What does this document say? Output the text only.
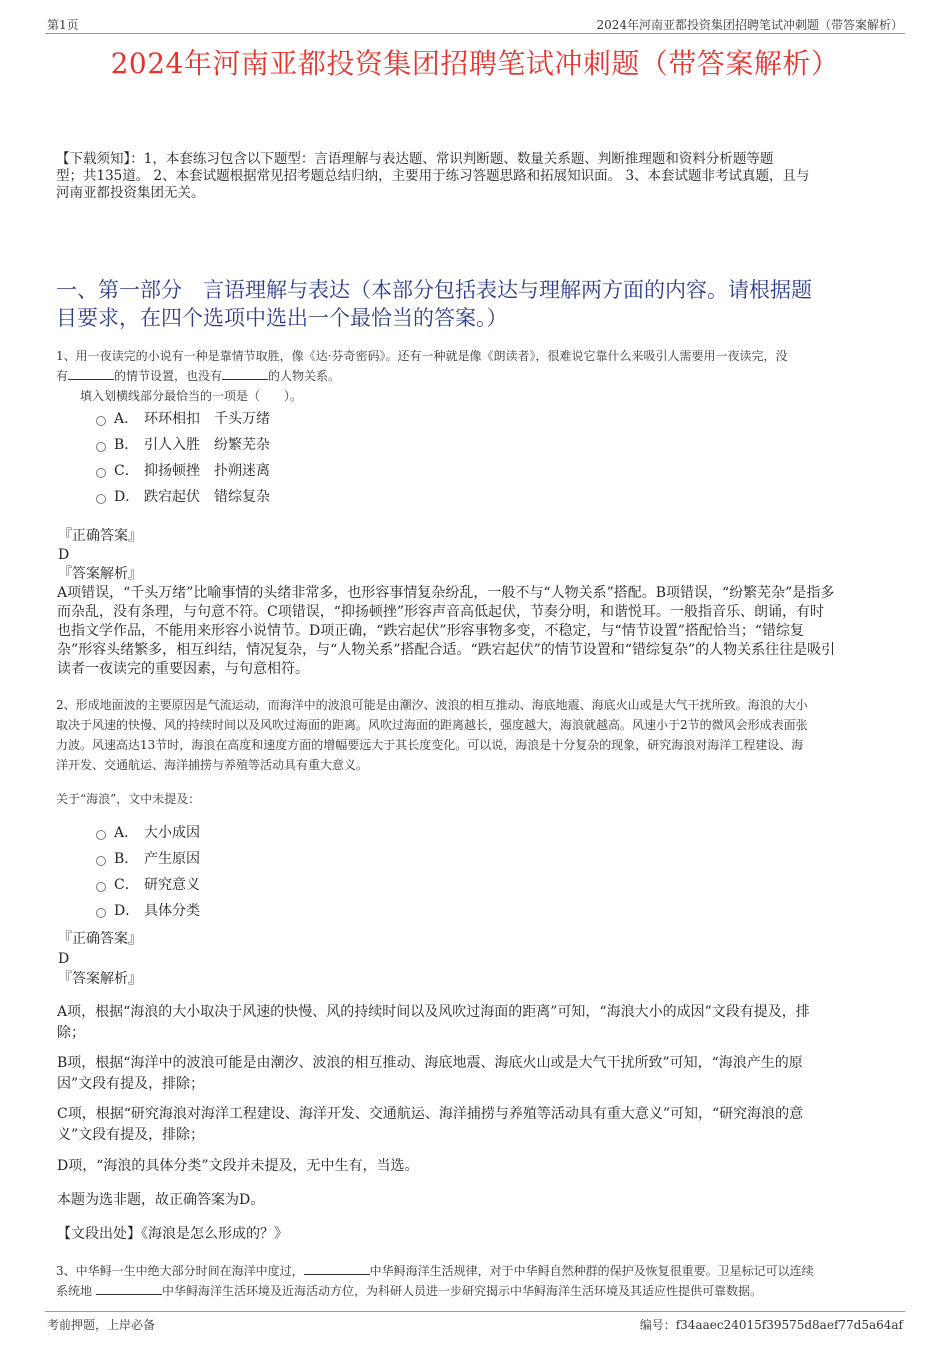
第1页	2024年河南亚都投资集团招聘笔试冲刺题（带答案解析）
2024年河南亚都投资集团招聘笔试冲刺题（带答案解析）
【下载须知】：1，本套练习包含以下题型：言语理解与表达题、常识判断题、数量关系题、判断推理题和资料分析题等题
型；共135道。 2、本套试题根据常见招考题总结归纳，主要用于练习答题思路和拓展知识面。 3、本套试题非考试真题，且与
河南亚都投资集团无关。
一、第一部分　言语理解与表达（本部分包括表达与理解两方面的内容。请根据题
目要求，在四个选项中选出一个最恰当的答案。）
1、用一夜读完的小说有一种是靠情节取胜，像《达·芬奇密码》。还有一种就是像《朗读者》，很难说它靠什么来吸引人需要用一夜读完，没
有	的情节设置，也没有	的人物关系。
填入划横线部分最恰当的一项是（　　）。
A． 环环相扣　千头万绪
B． 引人入胜　纷繁芜杂
C． 抑扬顿挫　扑朔迷离
D． 跌宕起伏　错综复杂
『正确答案』
D
『答案解析』
A项错误，“千头万绪”比喻事情的头绪非常多，也形容事情复杂纷乱，一般不与“人物关系”搭配。B项错误，“纷繁芜杂”是指多
而杂乱，没有条理，与句意不符。C项错误，“抑扬顿挫”形容声音高低起伏，节奏分明，和谐悦耳。一般指音乐、朗诵，有时
也指文学作品，不能用来形容小说情节。D项正确，“跌宕起伏”形容事物多变，不稳定，与“情节设置”搭配恰当；“错综复
杂”形容头绪繁多，相互纠结，情况复杂，与“人物关系”搭配合适。“跌宕起伏”的情节设置和“错综复杂”的人物关系往往是吸引
读者一夜读完的重要因素，与句意相符。
2、形成地面波的主要原因是气流运动，而海洋中的波浪可能是由潮汐、波浪的相互推动、海底地震、海底火山或是大气干扰所致。海浪的大小
取决于风速的快慢、风的持续时间以及风吹过海面的距离。风吹过海面的距离越长，强度越大，海浪就越高。风速小于2节的微风会形成表面张
力波。风速高达13节时，海浪在高度和速度方面的增幅要远大于其长度变化。可以说，海浪是十分复杂的现象，研究海浪对海洋工程建设、海
洋开发、交通航运、海洋捕捞与养殖等活动具有重大意义。
关于“海浪”，文中未提及：
A． 大小成因
B． 产生原因
C． 研究意义
D． 具体分类
『正确答案』
D
『答案解析』
A项，根据“海浪的大小取决于风速的快慢、风的持续时间以及风吹过海面的距离”可知，“海浪大小的成因”文段有提及，排
除；
B项，根据“海洋中的波浪可能是由潮汐、波浪的相互推动、海底地震、海底火山或是大气干扰所致”可知，“海浪产生的原
因”文段有提及，排除；
C项，根据“研究海浪对海洋工程建设、海洋开发、交通航运、海洋捕捞与养殖等活动具有重大意义”可知，“研究海浪的意
义”文段有提及，排除；
D项，“海浪的具体分类”文段并未提及，无中生有，当选。
本题为选非题，故正确答案为D。
【文段出处】《海浪是怎么形成的？》
3、中华鲟一生中绝大部分时间在海洋中度过，	中华鲟海洋生活规律，对于中华鲟自然种群的保护及恢复很重要。卫星标记可以连续
系统地	中华鲟海洋生活环境及近海活动方位，为科研人员进一步研究揭示中华鲟海洋生活环境及其适应性提供可靠数据。
考前押题，上岸必备	编号：f34aaec24015f39575d8aef77d5a64af
